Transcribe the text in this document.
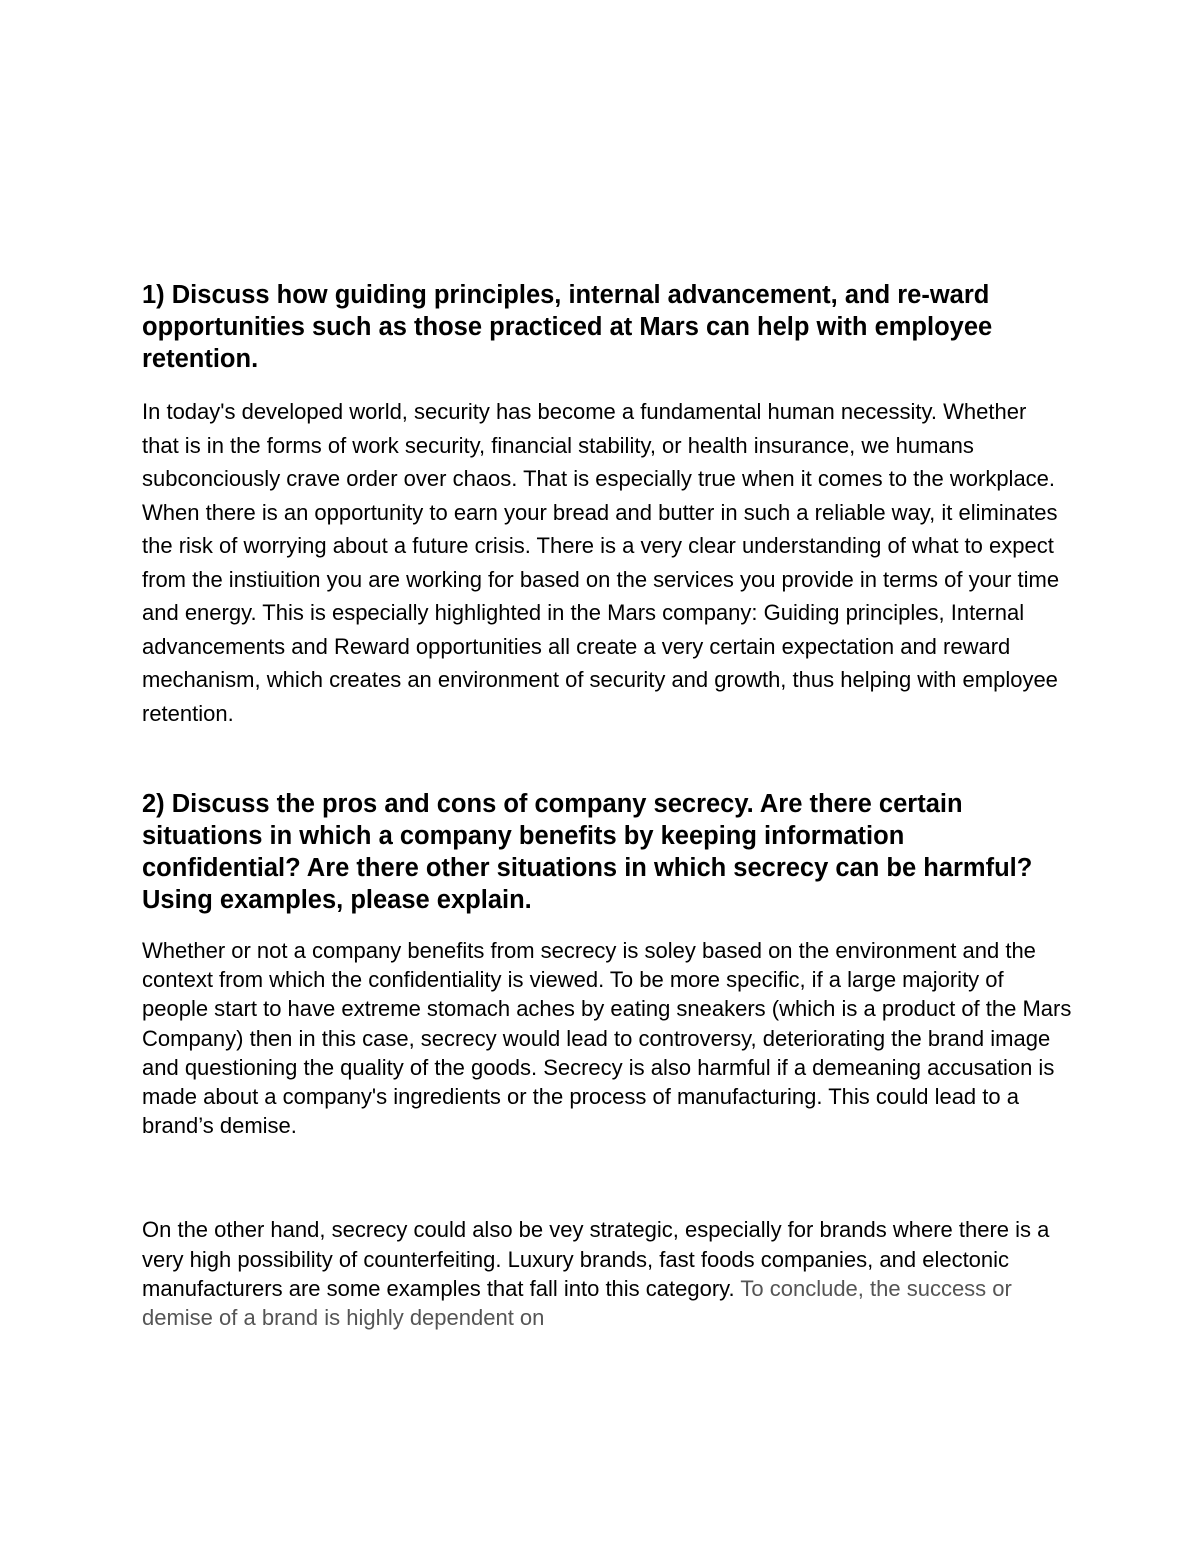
1) Discuss how guiding principles, internal advancement, and re-ward opportunities such as those practiced at Mars can help with employee retention.

In today's developed world, security has become a fundamental human necessity. Whether that is in the forms of work security, financial stability, or health insurance, we humans subconciously crave order over chaos. That is especially true when it comes to the workplace. When there is an opportunity to earn your bread and butter in such a reliable way, it eliminates the risk of worrying about a future crisis. There is a very clear understanding of what to expect from the instiuition you are working for based on the services you provide in terms of your time and energy. This is especially highlighted in the Mars company: Guiding principles, Internal advancements and Reward opportunities all create a very certain expectation and reward mechanism, which creates an environment of security and growth, thus helping with employee retention.

2) Discuss the pros and cons of company secrecy. Are there certain situations in which a company benefits by keeping information confidential? Are there other situations in which secrecy can be harmful? Using examples, please explain.

Whether or not a company benefits from secrecy is soley based on the environment and the context from which the confidentiality is viewed. To be more specific, if a large majority of people start to have extreme stomach aches by eating sneakers (which is a product of the Mars Company) then in this case, secrecy would lead to controversy, deteriorating the brand image and questioning the quality of the goods. Secrecy is also harmful if a demeaning accusation is made about a company's ingredients or the process of manufacturing. This could lead to a brand’s demise.

On the other hand, secrecy could also be vey strategic, especially for brands where there is a very high possibility of counterfeiting. Luxury brands, fast foods companies, and electonic manufacturers are some examples that fall into this category. To conclude, the success or demise of a brand is highly dependent on
